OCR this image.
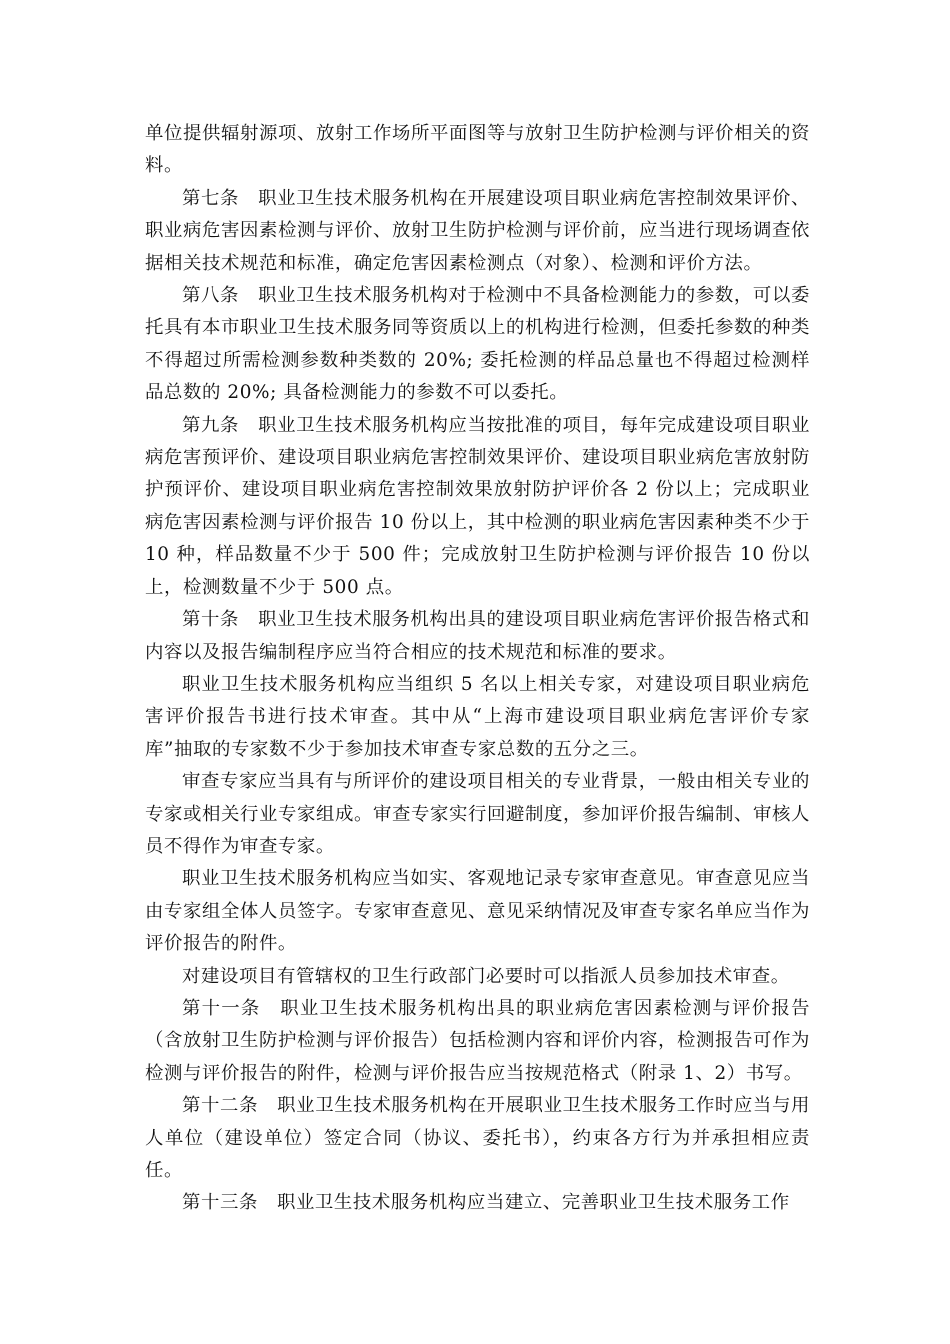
单位提供辐射源项、放射工作场所平面图等与放射卫生防护检测与评价相关的资料。

第七条　职业卫生技术服务机构在开展建设项目职业病危害控制效果评价、职业病危害因素检测与评价、放射卫生防护检测与评价前，应当进行现场调查依据相关技术规范和标准，确定危害因素检测点（对象）、检测和评价方法。

第八条　职业卫生技术服务机构对于检测中不具备检测能力的参数，可以委托具有本市职业卫生技术服务同等资质以上的机构进行检测，但委托参数的种类不得超过所需检测参数种类数的 20%; 委托检测的样品总量也不得超过检测样品总数的 20%; 具备检测能力的参数不可以委托。

第九条　职业卫生技术服务机构应当按批准的项目，每年完成建设项目职业病危害预评价、建设项目职业病危害控制效果评价、建设项目职业病危害放射防护预评价、建设项目职业病危害控制效果放射防护评价各 2 份以上；完成职业病危害因素检测与评价报告 10 份以上，其中检测的职业病危害因素种类不少于 10 种，样品数量不少于 500 件；完成放射卫生防护检测与评价报告 10 份以上，检测数量不少于 500 点。

第十条　职业卫生技术服务机构出具的建设项目职业病危害评价报告格式和内容以及报告编制程序应当符合相应的技术规范和标准的要求。

职业卫生技术服务机构应当组织 5 名以上相关专家，对建设项目职业病危害评价报告书进行技术审查。其中从“上海市建设项目职业病危害评价专家库”抽取的专家数不少于参加技术审查专家总数的五分之三。

审查专家应当具有与所评价的建设项目相关的专业背景，一般由相关专业的专家或相关行业专家组成。审查专家实行回避制度，参加评价报告编制、审核人员不得作为审查专家。

职业卫生技术服务机构应当如实、客观地记录专家审查意见。审查意见应当由专家组全体人员签字。专家审查意见、意见采纳情况及审查专家名单应当作为评价报告的附件。

对建设项目有管辖权的卫生行政部门必要时可以指派人员参加技术审查。

第十一条　职业卫生技术服务机构出具的职业病危害因素检测与评价报告（含放射卫生防护检测与评价报告）包括检测内容和评价内容，检测报告可作为检测与评价报告的附件，检测与评价报告应当按规范格式（附录 1、2）书写。

第十二条　职业卫生技术服务机构在开展职业卫生技术服务工作时应当与用人单位（建设单位）签定合同（协议、委托书），约束各方行为并承担相应责任。

第十三条　职业卫生技术服务机构应当建立、完善职业卫生技术服务工作
